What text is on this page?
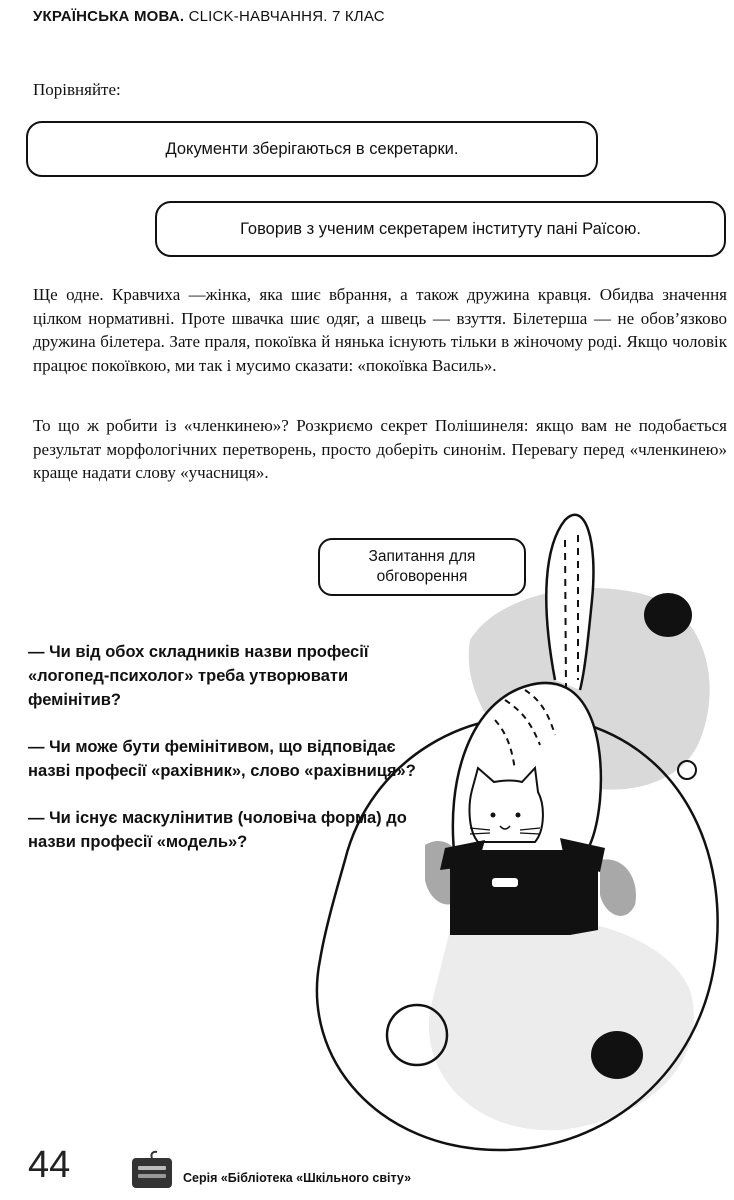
УКРАЇНСЬКА МОВА. CLICK-НАВЧАННЯ. 7 КЛАС
Порівняйте:
Документи зберігаються в секретарки.
Говорив з ученим секретарем інституту пані Раїсою.

Ще одне. Кравчиха —жінка, яка шиє вбрання, а також дружина кравця. Обидва значення цілком нормативні. Проте швачка шиє одяг, а швець — взуття. Білетерша — не обов’язково дружина білетера. Зате праля, покоївка й нянька існують тільки в жіночому роді. Якщо чоловік працює покоївкою, ми так і мусимо сказати: «покоївка Василь».

То що ж робити із «членкинею»? Розкриємо секрет Полішинеля: якщо вам не подобається результат морфологічних перетворень, просто доберіть синонім. Перевагу перед «членкинею» краще надати слову «учасниця».

Запитання для
обговорення

— Чи від обох складників назви професії «логопед-психолог» треба утворювати фемінітив?

— Чи може бути фемінітивом, що відповідає назві професії «рахівник», слово «рахівниця»?

— Чи існує маскулінитив (чоловіча форма) до назви професії «модель»?

44	Серія «Бібліотека «Шкільного світу»
